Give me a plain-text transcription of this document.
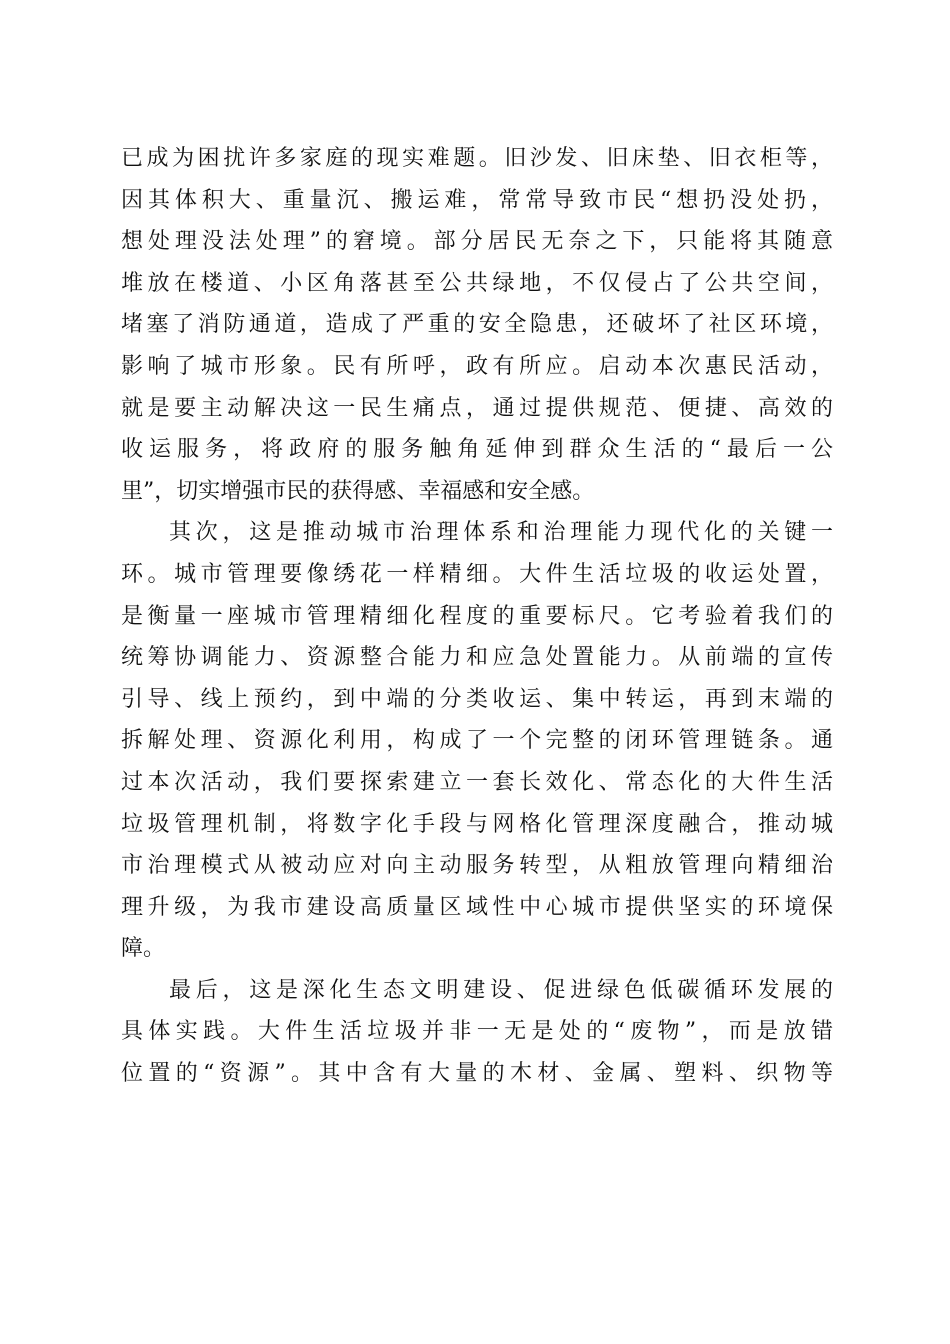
已成为困扰许多家庭的现实难题。旧沙发、旧床垫、旧衣柜等，
因其体积大、重量沉、搬运难，常常导致市民“想扔没处扔，
想处理没法处理”的窘境。部分居民无奈之下，只能将其随意
堆放在楼道、小区角落甚至公共绿地，不仅侵占了公共空间，
堵塞了消防通道，造成了严重的安全隐患，还破坏了社区环境，
影响了城市形象。民有所呼，政有所应。启动本次惠民活动，
就是要主动解决这一民生痛点，通过提供规范、便捷、高效的
收运服务，将政府的服务触角延伸到群众生活的“最后一公
里”，切实增强市民的获得感、幸福感和安全感。
其次，这是推动城市治理体系和治理能力现代化的关键一
环。城市管理要像绣花一样精细。大件生活垃圾的收运处置，
是衡量一座城市管理精细化程度的重要标尺。它考验着我们的
统筹协调能力、资源整合能力和应急处置能力。从前端的宣传
引导、线上预约，到中端的分类收运、集中转运，再到末端的
拆解处理、资源化利用，构成了一个完整的闭环管理链条。通
过本次活动，我们要探索建立一套长效化、常态化的大件生活
垃圾管理机制，将数字化手段与网格化管理深度融合，推动城
市治理模式从被动应对向主动服务转型，从粗放管理向精细治
理升级，为我市建设高质量区域性中心城市提供坚实的环境保
障。
最后，这是深化生态文明建设、促进绿色低碳循环发展的
具体实践。大件生活垃圾并非一无是处的“废物”，而是放错
位置的“资源”。其中含有大量的木材、金属、塑料、织物等
